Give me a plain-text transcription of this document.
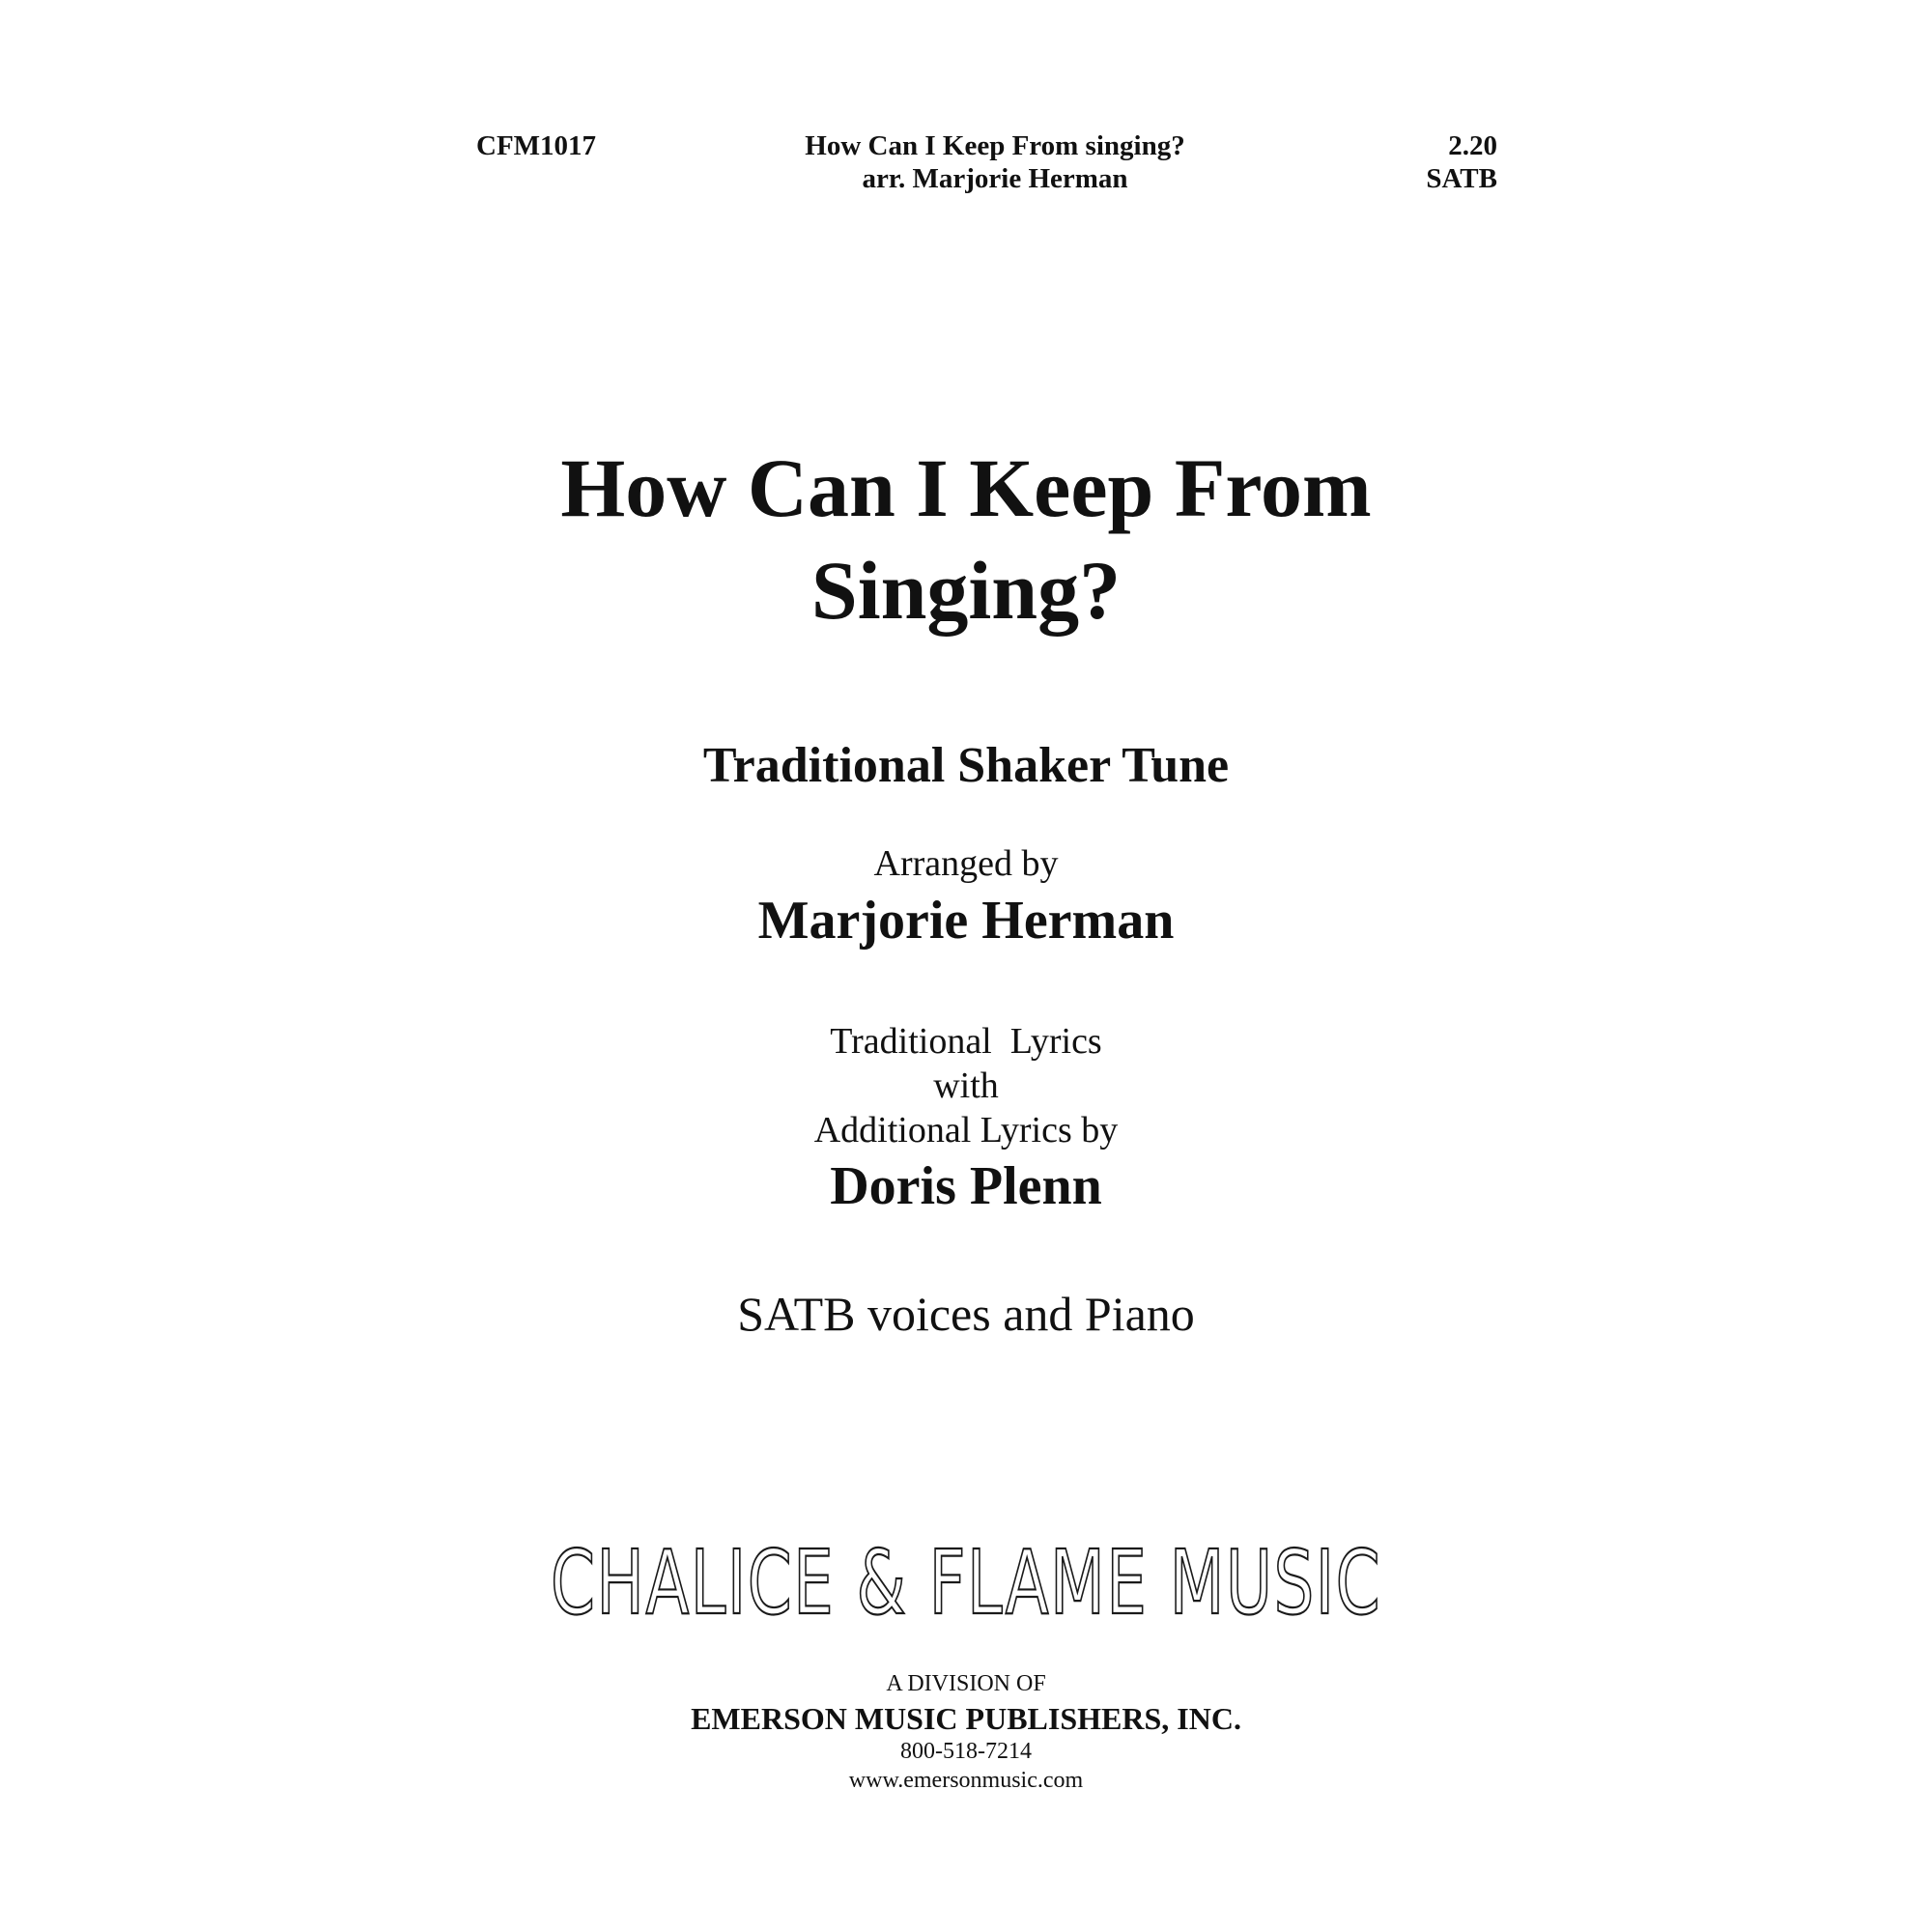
CFM1017	How Can I Keep From singing?
arr. Marjorie Herman
2.20
SATB
How Can I Keep From
Singing?
Traditional Shaker Tune
Arranged by
Marjorie Herman
Traditional  Lyrics
with
Additional Lyrics by
Doris Plenn
SATB voices and Piano
CHALICE & FLAME MUSIC
A DIVISION OF
EMERSON MUSIC PUBLISHERS, INC.
800-518-7214
www.emersonmusic.com
